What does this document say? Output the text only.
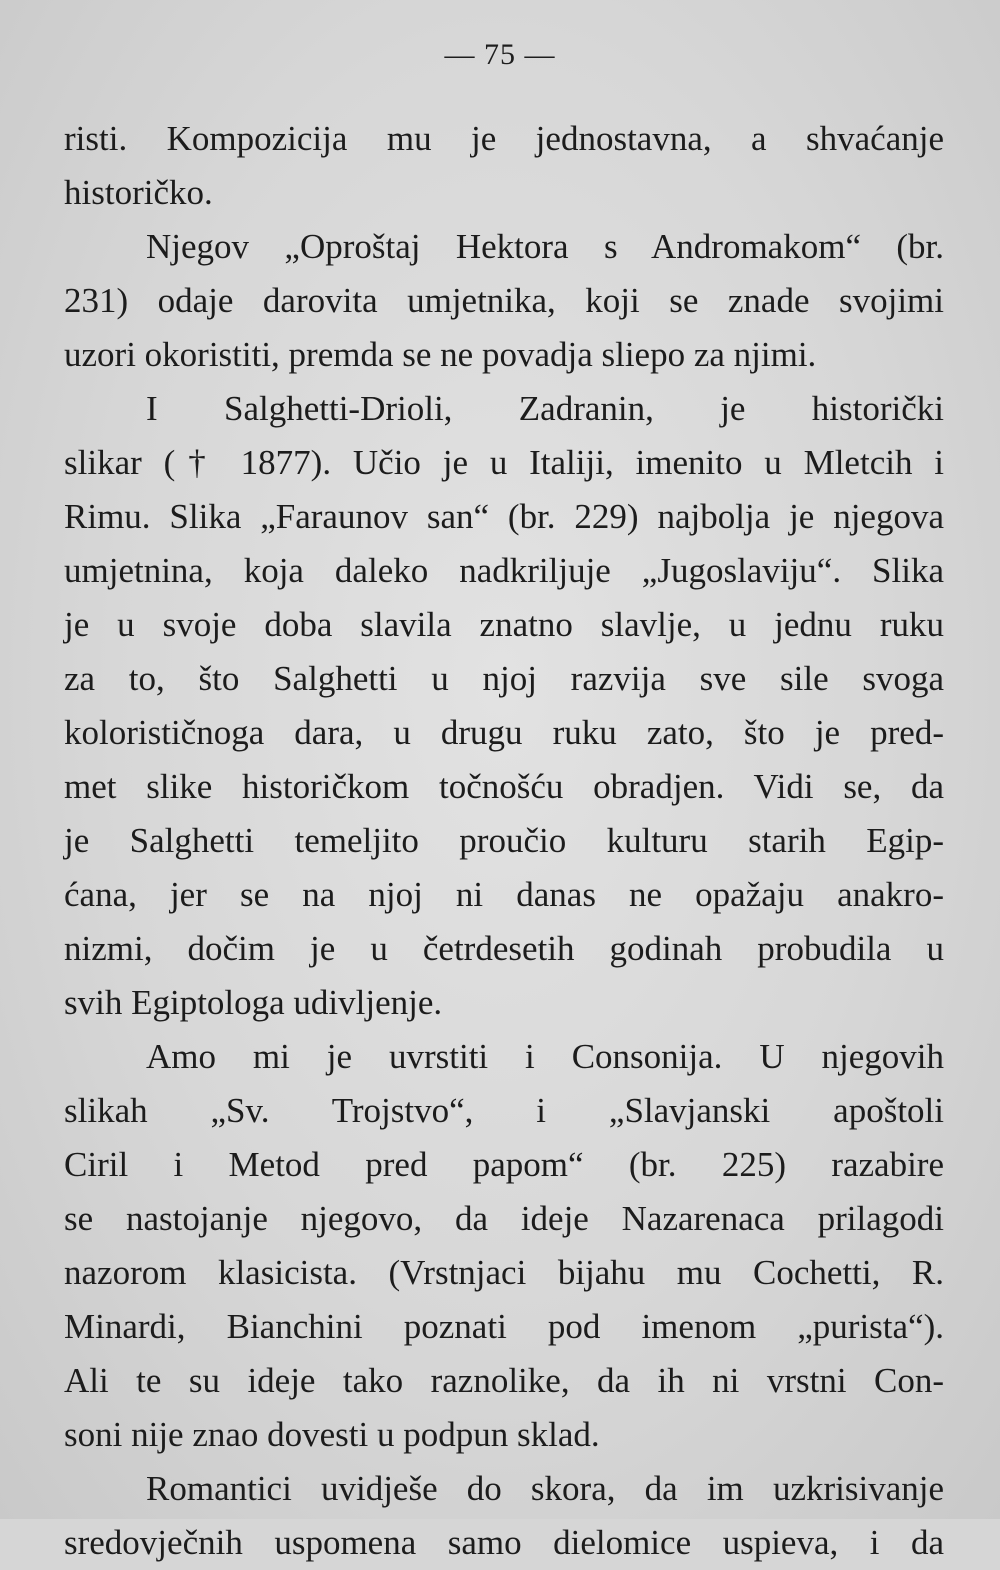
— 75 —
risti. Kompozicija mu je jednostavna, a shvaćanje
historičko.
Njegov „Oproštaj Hektora s Andromakom“ (br.
231) odaje darovita umjetnika, koji se znade svojimi
uzori okoristiti, premda se ne povadja sliepo za njimi.
I Salghetti-Drioli, Zadranin, je historički
slikar († 1877). Učio je u Italiji, imenito u Mletcih i
Rimu. Slika „Faraunov san“ (br. 229) najbolja je njegova
umjetnina, koja daleko nadkriljuje „Jugoslaviju“. Slika
je u svoje doba slavila znatno slavlje, u jednu ruku
za to, što Salghetti u njoj razvija sve sile svoga
kolorističnoga dara, u drugu ruku zato, što je pred-
met slike historičkom točnošću obradjen. Vidi se, da
je Salghetti temeljito proučio kulturu starih Egip-
ćana, jer se na njoj ni danas ne opažaju anakro-
nizmi, dočim je u četrdesetih godinah probudila u
svih Egiptologa udivljenje.
Amo mi je uvrstiti i Consonija. U njegovih
slikah „Sv. Trojstvo“, i „Slavjanski apoštoli
Ciril i Metod pred papom“ (br. 225) razabire
se nastojanje njegovo, da ideje Nazarenaca prilagodi
nazorom klasicista. (Vrstnjaci bijahu mu Cochetti, R.
Minardi, Bianchini poznati pod imenom „purista“).
Ali te su ideje tako raznolike, da ih ni vrstni Con-
soni nije znao dovesti u podpun sklad.
Romantici uvidješe do skora, da im uzkrisivanje
sredovječnih uspomena samo dielomice uspieva, i da
